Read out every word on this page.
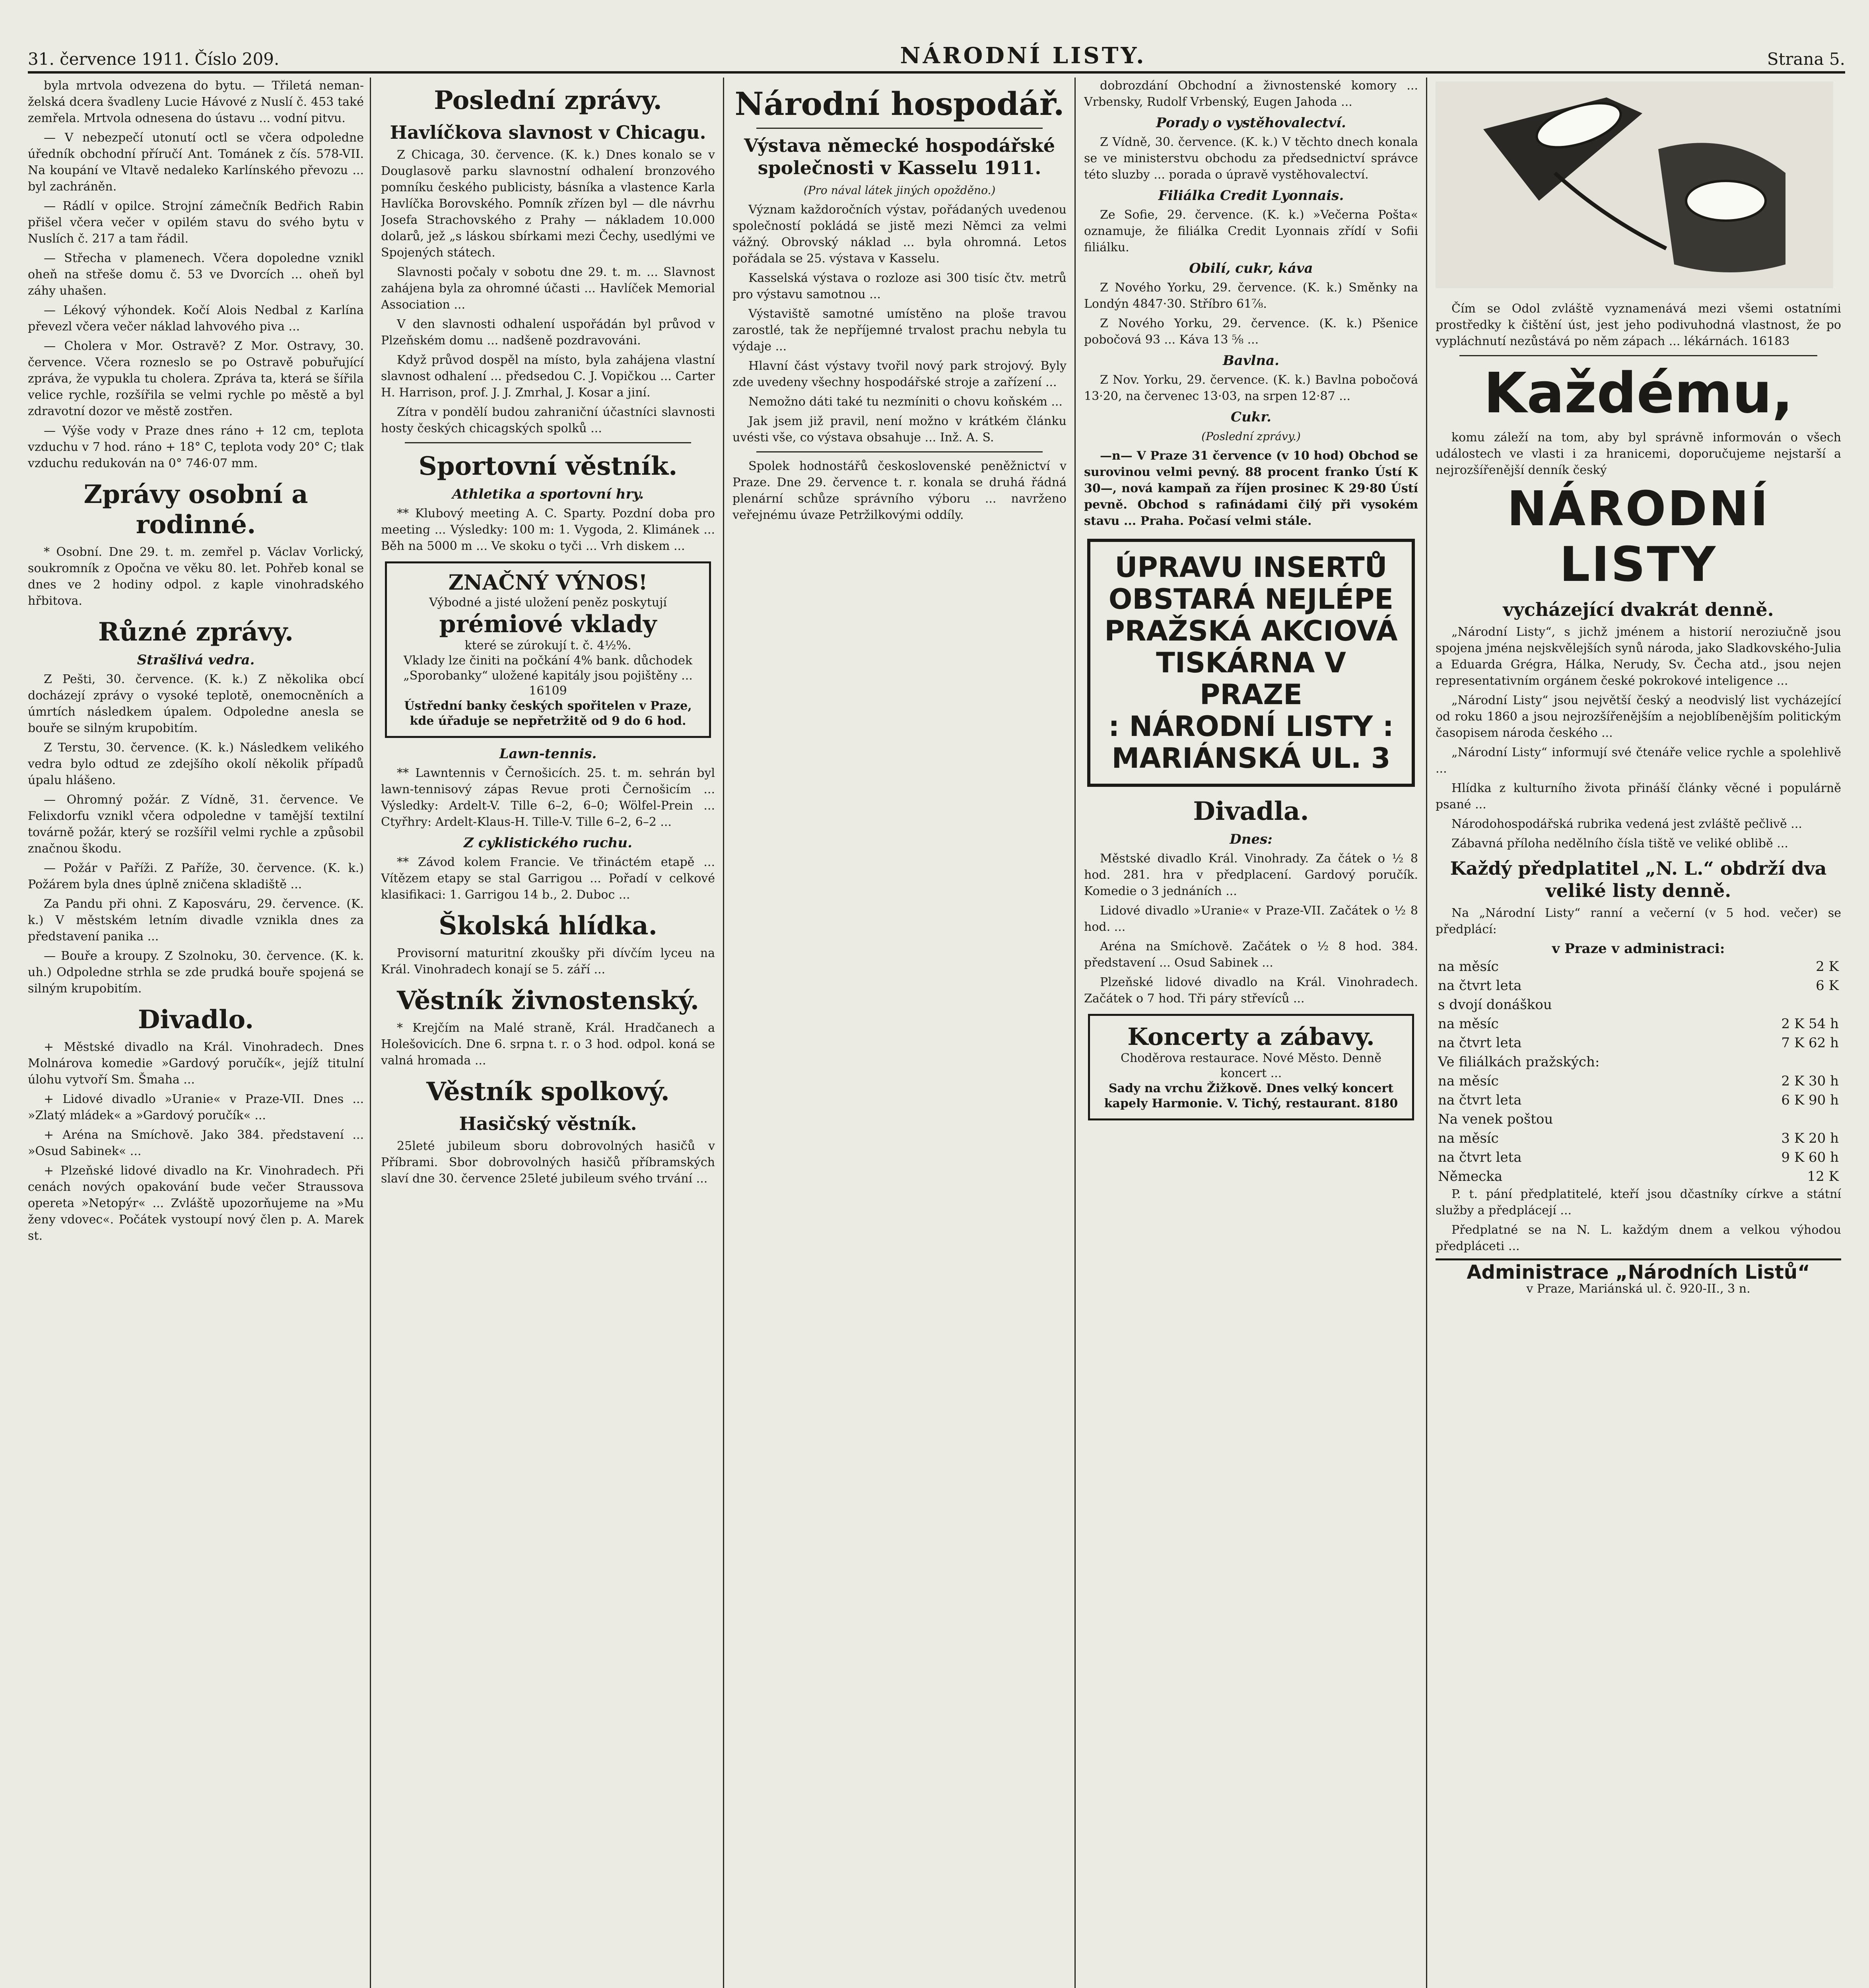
31. července 1911. Číslo 209.	NÁRODNÍ LISTY.	Strana 5.

byla mrtvola odvezena do bytu. — Třiletá neman-želská dcera švadleny Lucie Hávové z Nuslí č. 453 také zemřela. Mrtvola odnesena do ústavu ... vodní pitvu.

— V nebezpečí utonutí octl se včera odpoledne úředník obchodní příručí Ant. Tománek z čís. 578-VII. Na koupání ve Vltavě nedaleko Karlínského převozu ... byl zachráněn.

— Rádlí v opilce. Strojní zámečník Bedřich Rabin přišel včera večer v opilém stavu do svého bytu v Nuslích č. 217 a tam řádil.

— Střecha v plamenech. Včera dopoledne vznikl oheň na střeše domu č. 53 ve Dvorcích ... oheň byl záhy uhašen.

— Lékový výhondek. Kočí Alois Nedbal z Karlína převezl včera večer náklad lahvového piva ...

— Cholera v Mor. Ostravě? Z Mor. Ostravy, 30. července. Včera rozneslo se po Ostravě pobuřující zpráva, že vypukla tu cholera. Zpráva ta, která se šířila velice rychle, rozšířila se velmi rychle po městě a byl zdravotní dozor ve městě zostřen.

— Výše vody v Praze dnes ráno + 12 cm, teplota vzduchu v 7 hod. ráno + 18° C, teplota vody 20° C; tlak vzduchu redukován na 0° 746·07 mm.

Zprávy osobní a rodinné.

* Osobní. Dne 29. t. m. zemřel p. Václav Vorlický, soukromník z Opočna ve věku 80. let. Pohřeb konal se dnes ve 2 hodiny odpol. z kaple vinohradského hřbitova.

Různé zprávy.
Strašlivá vedra.

Z Pešti, 30. července. (K. k.) Z několika obcí docházejí zprávy o vysoké teplotě, onemocněních a úmrtích následkem úpalem. Odpoledne anesla se bouře se silným krupobitím.

Z Terstu, 30. července. (K. k.) Následkem velikého vedra bylo odtud ze zdejšího okolí několik případů úpalu hlášeno.

— Ohromný požár. Z Vídně, 31. července. Ve Felixdorfu vznikl včera odpoledne v tamější textilní továrně požár, který se rozšířil velmi rychle a způsobil značnou škodu.

— Požár v Paříži. Z Paříže, 30. července. (K. k.) Požárem byla dnes úplně zničena skladiště ...

Za Pandu při ohni. Z Kaposváru, 29. července. (K. k.) V městském letním divadle vznikla dnes za představení panika ...

— Bouře a kroupy. Z Szolnoku, 30. července. (K. k. uh.) Odpoledne strhla se zde prudká bouře spojená se silným krupobitím.

Divadlo.

+ Městské divadlo na Král. Vinohradech. Dnes Molnárova komedie »Gardový poručík«, jejíž titulní úlohu vytvoří Sm. Šmaha ...

+ Lidové divadlo »Uranie« v Praze-VII. Dnes ... »Zlatý mládek« a »Gardový poručík« ...

+ Aréna na Smíchově. Jako 384. představení ... »Osud Sabinek« ...

+ Plzeňské lidové divadlo na Kr. Vinohradech. Při cenách nových opakování bude večer Straussova opereta »Netopýr« ... Zvláště upozorňujeme na »Mu ženy vdovec«. Počátek vystoupí nový člen p. A. Marek st.

Poslední zprávy.
Havlíčkova slavnost v Chicagu.

Z Chicaga, 30. července. (K. k.) Dnes konalo se v Douglasově parku slavnostní odhalení bronzového pomníku českého publicisty, básníka a vlastence Karla Havlíčka Borovského. Pomník zřízen byl — dle návrhu Josefa Strachovského z Prahy — nákladem 10.000 dolarů, jež „s láskou sbírkami mezi Čechy, usedlými ve Spojených státech.

Slavnosti počaly v sobotu dne 29. t. m. ... Slavnost zahájena byla za ohromné účasti ... Havlíček Memorial Association ...

V den slavnosti odhalení uspořádán byl průvod v Plzeňském domu ... nadšeně pozdravováni.

Když průvod dospěl na místo, byla zahájena vlastní slavnost odhalení ... předsedou C. J. Vopičkou ... Carter H. Harrison, prof. J. J. Zmrhal, J. Kosar a jiní.

Zítra v pondělí budou zahraniční účastníci slavnosti hosty českých chicagských spolků ...

Sportovní věstník.
Athletika a sportovní hry.

** Klubový meeting A. C. Sparty. Pozdní doba pro meeting ... Výsledky: 100 m: 1. Vygoda, 2. Klimánek ... Běh na 5000 m ... Ve skoku o tyči ... Vrh diskem ...

ZNAČNÝ VÝNOS!
Výbodné a jisté uložení peněz poskytují
prémiové vklady
které se zúrokují t. č. 4½%.
Vklady lze činiti na počkání 4% bank. důchodek „Sporobanky“ uložené kapitály jsou pojištěny ... 16109
Ústřední banky českých spořitelen v Praze, kde úřaduje se nepřetržitě od 9 do 6 hod.
Lawn-tennis.

** Lawntennis v Černošicích. 25. t. m. sehrán byl lawn-tennisový zápas Revue proti Černošicím ... Výsledky: Ardelt-V. Tille 6–2, 6–0; Wölfel-Prein ... Ctyřhry: Ardelt-Klaus-H. Tille-V. Tille 6–2, 6–2 ...

Z cyklistického ruchu.

** Závod kolem Francie. Ve třináctém etapě ... Vítězem etapy se stal Garrigou ... Pořadí v celkové klasifikaci: 1. Garrigou 14 b., 2. Duboc ...

Školská hlídka.

Provisorní maturitní zkoušky při dívčím lyceu na Král. Vinohradech konají se 5. září ...

Věstník živnostenský.

* Krejčím na Malé straně, Král. Hradčanech a Holešovicích. Dne 6. srpna t. r. o 3 hod. odpol. koná se valná hromada ...

Věstník spolkový.
Hasičský věstník.

25leté jubileum sboru dobrovolných hasičů v Příbrami. Sbor dobrovolných hasičů příbramských slaví dne 30. července 25leté jubileum svého trvání ...

Národní hospodář.
Výstava německé hospodářské společnosti v Kasselu 1911.
(Pro nával látek jiných opožděno.)

Význam každoročních výstav, pořádaných uvedenou společností pokládá se jistě mezi Němci za velmi vážný. Obrovský náklad ... byla ohromná. Letos pořádala se 25. výstava v Kasselu.

Kasselská výstava o rozloze asi 300 tisíc čtv. metrů pro výstavu samotnou ...

Výstaviště samotné umístěno na ploše travou zarostlé, tak že nepříjemné trvalost prachu nebyla tu výdaje ...

Hlavní část výstavy tvořil nový park strojový. Byly zde uvedeny všechny hospodářské stroje a zařízení ...

Nemožno dáti také tu nezmíniti o chovu koňském ...

Jak jsem již pravil, není možno v krátkém článku uvésti vše, co výstava obsahuje ... Inž. A. S.

Spolek hodnostářů československé peněžnictví v Praze. Dne 29. července t. r. konala se druhá řádná plenární schůze správního výboru ... navrženo veřejnému úvaze Petržilkovými oddíly.

dobrozdání Obchodní a živnostenské komory ... Vrbensky, Rudolf Vrbenský, Eugen Jahoda ...

Porady o vystěhovalectví.

Z Vídně, 30. července. (K. k.) V těchto dnech konala se ve ministerstvu obchodu za předsednictví správce této sluzby ... porada o úpravě vystěhovalectví.

Filiálka Credit Lyonnais.

Ze Sofie, 29. července. (K. k.) »Večerna Pošta« oznamuje, že filiálka Credit Lyonnais zřídí v Sofii filiálku.

Obilí, cukr, káva

Z Nového Yorku, 29. července. (K. k.) Směnky na Londýn 4847·30. Stříbro 61⅞.

Z Nového Yorku, 29. července. (K. k.) Pšenice pobočová 93 ... Káva 13 ⅝ ...

Bavlna.

Z Nov. Yorku, 29. července. (K. k.) Bavlna pobočová 13·20, na červenec 13·03, na srpen 12·87 ...

Cukr.
(Poslední zprávy.)

—n— V Praze 31 července (v 10 hod) Obchod se surovinou velmi pevný. 88 procent franko Ústí K 30—, nová kampaň za říjen prosinec K 29·80 Ústí pevně. Obchod s rafinádami čilý při vysokém stavu ... Praha. Počasí velmi stále.

ÚPRAVU INSERTŮ
OBSTARÁ NEJLÉPE
PRAŽSKÁ AKCIOVÁ
TISKÁRNA V PRAZE
: NÁRODNÍ LISTY :
MARIÁNSKÁ UL. 3
Divadla.
Dnes:

Městské divadlo Král. Vinohrady. Za čátek o ½ 8 hod. 281. hra v předplacení. Gardový poručík. Komedie o 3 jednáních ...

Lidové divadlo »Uranie« v Praze-VII. Začátek o ½ 8 hod. ...

Aréna na Smíchově. Začátek o ½ 8 hod. 384. představení ... Osud Sabinek ...

Plzeňské lidové divadlo na Král. Vinohradech. Začátek o 7 hod. Tři páry střevíců ...

Koncerty a zábavy.
Choděrova restaurace. Nové Město. Denně koncert ...
Sady na vrchu Žižkově. Dnes velký koncert kapely Harmonie. V. Tichý, restaurant. 8180

Čím se Odol zvláště vyznamenává mezi všemi ostatními prostředky k čištění úst, jest jeho podivuhodná vlastnost, že po vypláchnutí nezůstává po něm zápach ... lékárnách. 16183

Každému,

komu záleží na tom, aby byl správně informován o všech událostech ve vlasti i za hranicemi, doporučujeme nejstarší a nejrozšířenější denník český

NÁRODNÍ LISTY
vycházející dvakrát denně.

„Národní Listy“, s jichž jménem a historií neroziučně jsou spojena jména nejskvělejších synů národa, jako Sladkovského-Julia a Eduarda Grégra, Hálka, Nerudy, Sv. Čecha atd., jsou nejen representativním orgánem české pokrokové inteligence ...

„Národní Listy“ jsou největší český a neodvislý list vycházející od roku 1860 a jsou nejrozšířenějším a nejoblíbenějším politickým časopisem národa českého ...

„Národní Listy“ informují své čtenáře velice rychle a spolehlivě ...

Hlídka z kulturního života přináší články věcné i populárně psané ...

Národohospodářská rubrika vedená jest zvláště pečlivě ...

Zábavná příloha nedělního čísla tiště ve veliké oblibě ...

Každý předplatitel „N. L.“ obdrží dva veliké listy denně.

Na „Národní Listy“ ranní a večerní (v 5 hod. večer) se předplácí:

v Praze v administraci:
na měsíc	2 K
na čtvrt leta	6 K
s dvojí donáškou	
na měsíc	2 K 54 h
na čtvrt leta	7 K 62 h
Ve filiálkách pražských:	
na měsíc	2 K 30 h
na čtvrt leta	6 K 90 h
Na venek poštou	
na měsíc	3 K 20 h
na čtvrt leta	9 K 60 h
Německa	12 K

P. t. pání předplatitelé, kteří jsou dčastníky církve a státní služby a předplácejí ...

Předplatné se na N. L. každým dnem a velkou výhodou předpláceti ...

Administrace „Národních Listů“
v Praze, Mariánská ul. č. 920-II., 3 n.
